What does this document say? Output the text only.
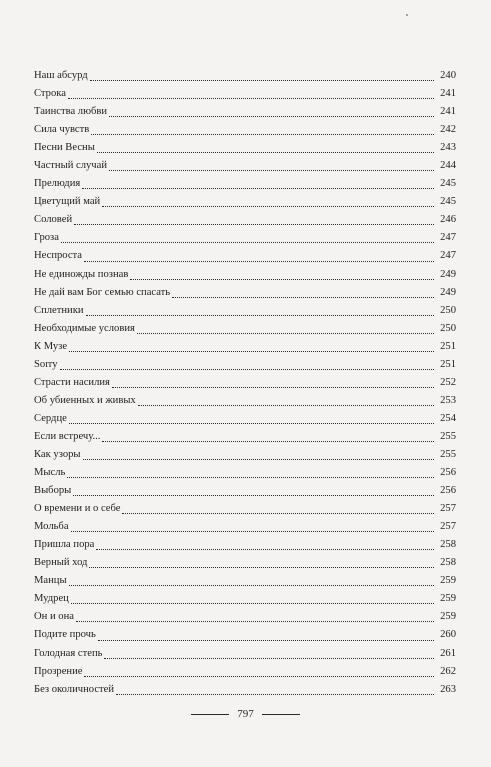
Наш абсурд	240
Строка	241
Таинства любви	241
Сила чувств	242
Песни Весны	243
Частный случай	244
Прелюдия	245
Цветущий май	245
Соловей	246
Гроза	247
Неспроста	247
Не единожды познав	249
Не дай вам Бог семью спасать	249
Сплетники	250
Необходимые условия	250
К Музе	251
Sorry	251
Страсти насилия	252
Об убиенных и живых	253
Сердце	254
Если встречу...	255
Как узоры	255
Мысль	256
Выборы	256
О времени и о себе	257
Мольба	257
Пришла пора	258
Верный ход	258
Манцы	259
Мудрец	259
Он и она	259
Подите прочь	260
Голодная степь	261
Прозрение	262
Без околичностей	263
797
